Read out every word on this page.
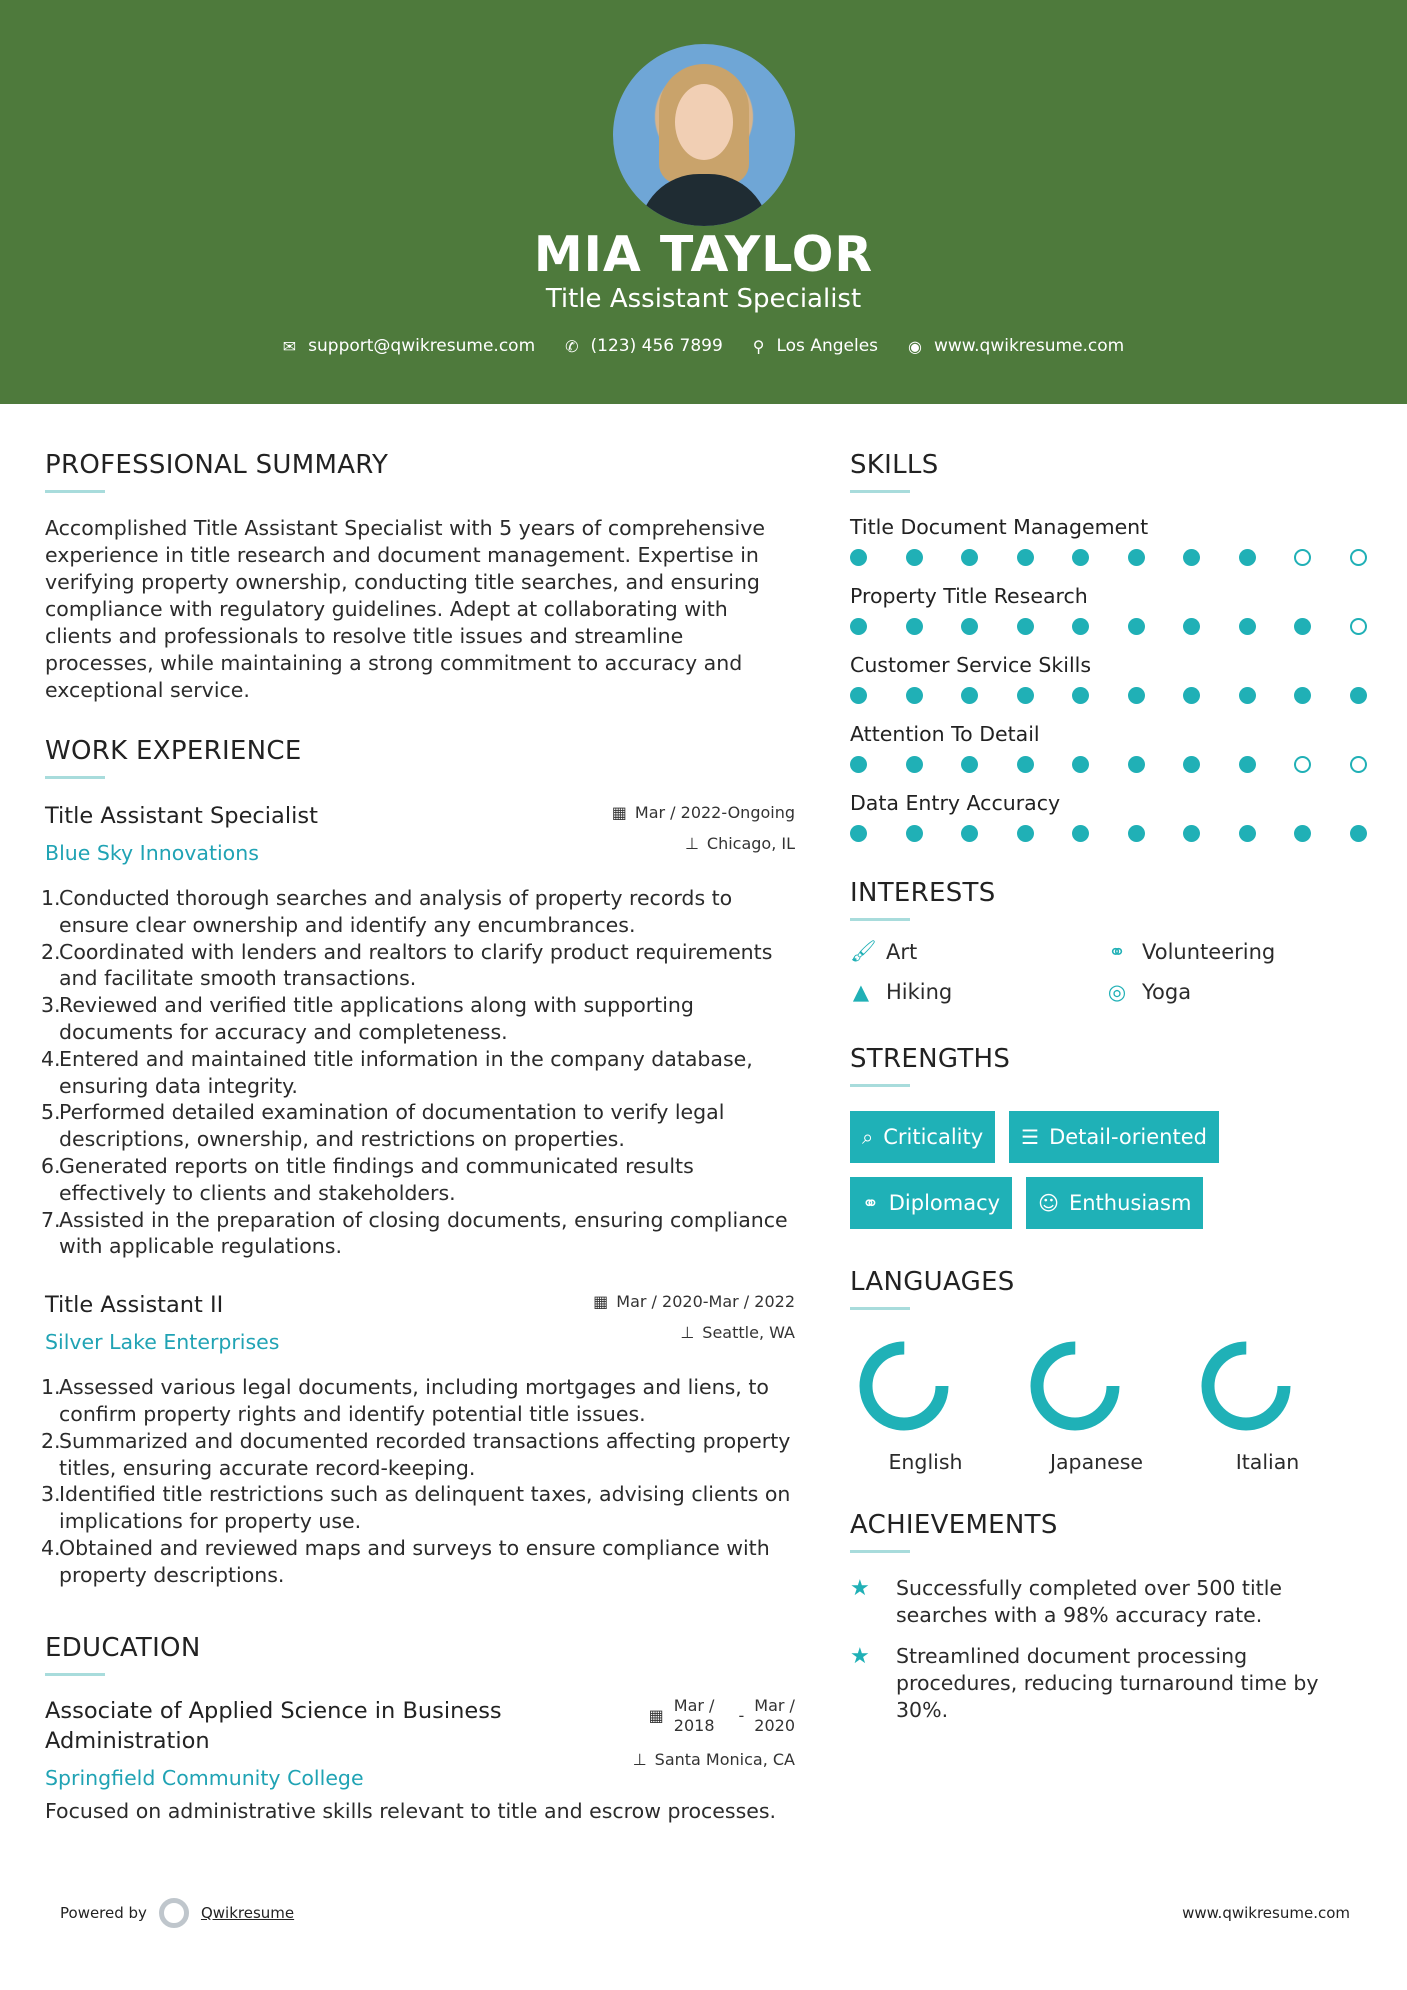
MIA TAYLOR
Title Assistant Specialist
✉ support@qwikresume.com ✆ (123) 456 7899 ⚲ Los Angeles ◉ www.qwikresume.com
PROFESSIONAL SUMMARY

Accomplished Title Assistant Specialist with 5 years of comprehensive experience in title research and document management. Expertise in verifying property ownership, conducting title searches, and ensuring compliance with regulatory guidelines. Adept at collaborating with clients and professionals to resolve title issues and streamline processes, while maintaining a strong commitment to accuracy and exceptional service.

WORK EXPERIENCE
Title Assistant Specialist
Blue Sky Innovations
▦ Mar / 2022-Ongoing
⊥ Chicago, IL
1.
Conducted thorough searches and analysis of property records to ensure clear ownership and identify any encumbrances.
2.
Coordinated with lenders and realtors to clarify product requirements and facilitate smooth transactions.
3.
Reviewed and verified title applications along with supporting documents for accuracy and completeness.
4.
Entered and maintained title information in the company database, ensuring data integrity.
5.
Performed detailed examination of documentation to verify legal descriptions, ownership, and restrictions on properties.
6.
Generated reports on title findings and communicated results effectively to clients and stakeholders.
7.
Assisted in the preparation of closing documents, ensuring compliance with applicable regulations.
Title Assistant II
Silver Lake Enterprises
▦ Mar / 2020-Mar / 2022
⊥ Seattle, WA
1.
Assessed various legal documents, including mortgages and liens, to confirm property rights and identify potential title issues.
2.
Summarized and documented recorded transactions affecting property titles, ensuring accurate record-keeping.
3.
Identified title restrictions such as delinquent taxes, advising clients on implications for property use.
4.
Obtained and reviewed maps and surveys to ensure compliance with property descriptions.
EDUCATION
Associate of Applied Science in Business Administration
Springfield Community College
▦
Mar /
2018 -
Mar /
2020
⊥ Santa Monica, CA

Focused on administrative skills relevant to title and escrow processes.

SKILLS
Title Document Management
Property Title Research
Customer Service Skills
Attention To Detail
Data Entry Accuracy
INTERESTS
🖌 Art	⚭ Volunteering
▲ Hiking	◎ Yoga
STRENGTHS
⌕ Criticality ☰ Detail-oriented
⚭ Diplomacy ☺ Enthusiasm
LANGUAGES
English	Japanese	Italian
ACHIEVEMENTS
★	Successfully completed over 500 title searches with a 98% accuracy rate.
★	Streamlined document processing procedures, reducing turnaround time by 30%.
Powered by	Qwikresume	www.qwikresume.com
